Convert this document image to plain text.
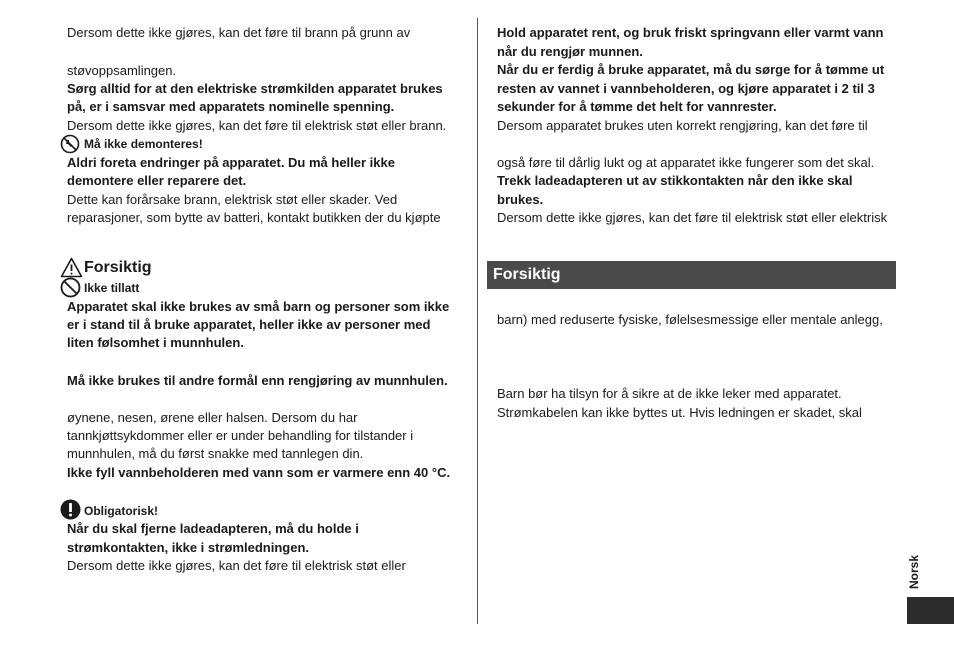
Dersom dette ikke gjøres, kan det føre til brann på grunn av
støvoppsamlingen.
Sørg alltid for at den elektriske strømkilden apparatet brukes
på, er i samsvar med apparatets nominelle spenning.
Dersom dette ikke gjøres, kan det føre til elektrisk støt eller brann.
Må ikke demonteres!
Aldri foreta endringer på apparatet. Du må heller ikke
demontere eller reparere det.
Dette kan forårsake brann, elektrisk støt eller skader. Ved
reparasjoner, som bytte av batteri, kontakt butikken der du kjøpte
Forsiktig
Ikke tillatt
Apparatet skal ikke brukes av små barn og personer som ikke
er i stand til å bruke apparatet, heller ikke av personer med
liten følsomhet i munnhulen.
Må ikke brukes til andre formål enn rengjøring av munnhulen.
øynene, nesen, ørene eller halsen. Dersom du har
tannkjøttsykdommer eller er under behandling for tilstander i
munnhulen, må du først snakke med tannlegen din.
Ikke fyll vannbeholderen med vann som er varmere enn 40 °C.
Obligatorisk!
Når du skal fjerne ladeadapteren, må du holde i
strømkontakten, ikke i strømledningen.
Dersom dette ikke gjøres, kan det føre til elektrisk støt eller
Hold apparatet rent, og bruk friskt springvann eller varmt vann
når du rengjør munnen.
Når du er ferdig å bruke apparatet, må du sørge for å tømme ut
resten av vannet i vannbeholderen, og kjøre apparatet i 2 til 3
sekunder for å tømme det helt for vannrester.
Dersom apparatet brukes uten korrekt rengjøring, kan det føre til
også føre til dårlig lukt og at apparatet ikke fungerer som det skal.
Trekk ladeadapteren ut av stikkontakten når den ikke skal
brukes.
Dersom dette ikke gjøres, kan det føre til elektrisk støt eller elektrisk
Forsiktig
barn) med reduserte fysiske, følelsesmessige eller mentale anlegg,
Barn bør ha tilsyn for å sikre at de ikke leker med apparatet.
Strømkabelen kan ikke byttes ut. Hvis ledningen er skadet, skal
Norsk
